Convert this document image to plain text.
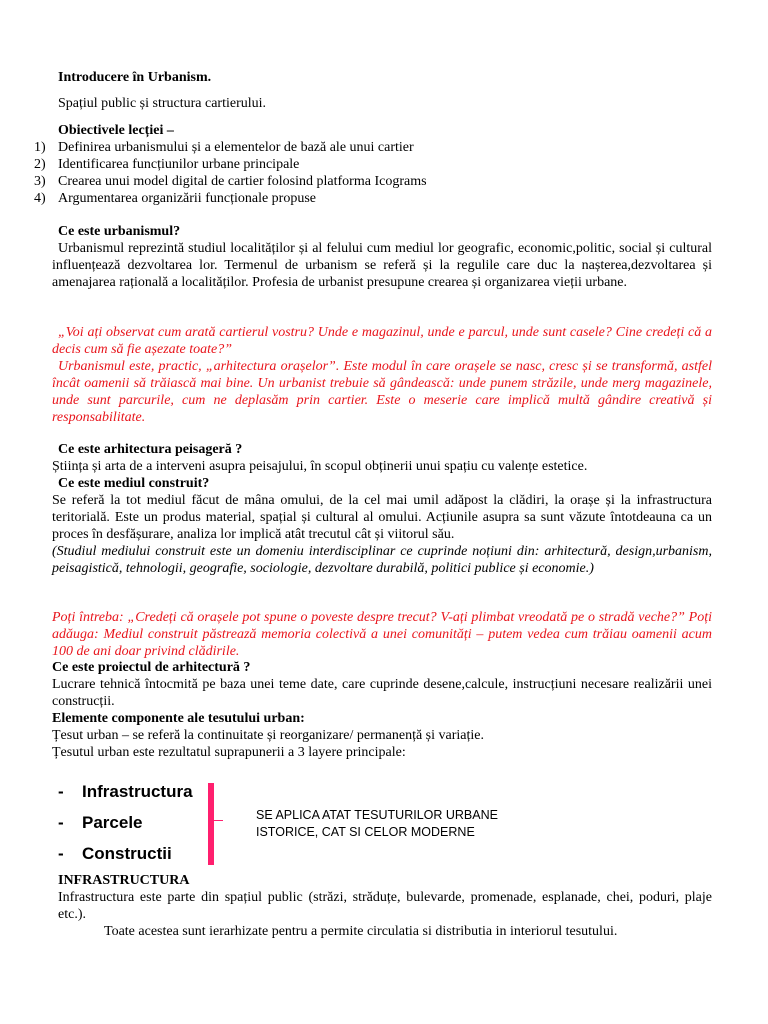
Introducere în Urbanism.
Spațiul public și structura cartierului.
Obiectivele lecției –
1) Definirea urbanismului și a elementelor de bază ale unui cartier
2) Identificarea funcțiunilor urbane principale
3) Crearea unui model digital de cartier folosind platforma Icograms
4) Argumentarea organizării funcționale propuse
Ce este urbanismul?
Urbanismul reprezintă studiul localităților și al felului cum mediul lor geografic, economic,politic, social și cultural influențează dezvoltarea lor. Termenul de urbanism se referă și la regulile care duc la nașterea,dezvoltarea și amenajarea rațională a localităților. Profesia de urbanist presupune crearea și organizarea vieții urbane.
„Voi ați observat cum arată cartierul vostru? Unde e magazinul, unde e parcul, unde sunt casele? Cine credeți că a decis cum să fie așezate toate?”
Urbanismul este, practic, „arhitectura orașelor”. Este modul în care orașele se nasc, cresc și se transformă, astfel încât oamenii să trăiască mai bine. Un urbanist trebuie să gândească: unde punem străzile, unde merg magazinele, unde sunt parcurile, cum ne deplasăm prin cartier. Este o meserie care implică multă gândire creativă și responsabilitate.
Ce este arhitectura peisageră ?
Știința și arta de a interveni asupra peisajului, în scopul obținerii unui spațiu cu valențe estetice.
Ce este mediul construit?
Se referă la tot mediul făcut de mâna omului, de la cel mai umil adăpost la clădiri, la orașe și la infrastructura teritorială. Este un produs material, spațial și cultural al omului. Acțiunile asupra sa sunt văzute întotdeauna ca un proces în desfășurare, analiza lor implică atât trecutul cât și viitorul său.
(Studiul mediului construit este un domeniu interdisciplinar ce cuprinde noțiuni din: arhitectură, design,urbanism, peisagistică, tehnologii, geografie, sociologie, dezvoltare durabilă, politici publice și economie.)
Poți întreba: „Credeți că orașele pot spune o poveste despre trecut? V-ați plimbat vreodată pe o stradă veche?” Poți adăuga: Mediul construit păstrează memoria colectivă a unei comunități – putem vedea cum trăiau oamenii acum 100 de ani doar privind clădirile.
Ce este proiectul de arhitectură ?
Lucrare tehnică întocmită pe baza unei teme date, care cuprinde desene,calcule, instrucțiuni necesare realizării unei construcții.
Elemente componente ale tesutului urban:
Țesut urban – se referă la continuitate și reorganizare/ permanență și variație.
Țesutul urban este rezultatul suprapunerii a 3 layere principale:
- Infrastructura
- Parcele
- Constructii
SE APLICA ATAT TESUTURILOR URBANE
ISTORICE, CAT SI CELOR MODERNE
INFRASTRUCTURA
Infrastructura este parte din spațiul public (străzi, străduțe, bulevarde, promenade, esplanade, chei, poduri, plaje etc.).
Toate acestea sunt ierarhizate pentru a permite circulatia si distributia in interiorul tesutului.
